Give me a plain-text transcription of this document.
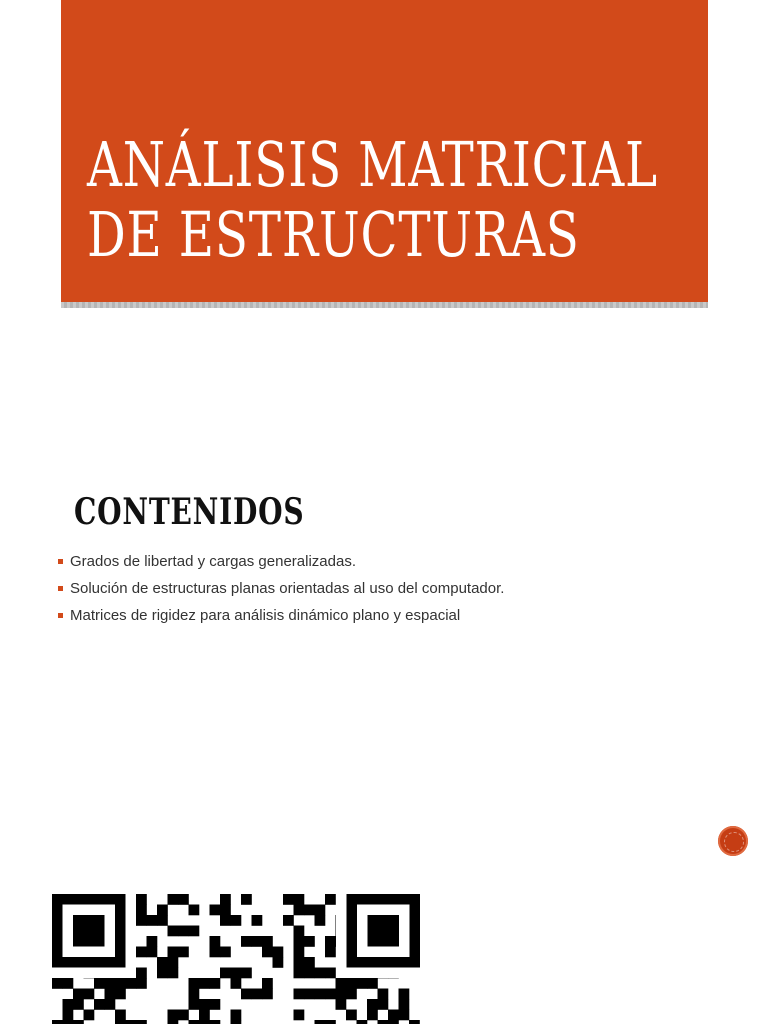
ANÁLISIS MATRICIAL
DE ESTRUCTURAS
CONTENIDOS
Grados de libertad y cargas generalizadas.
Solución de estructuras planas orientadas al uso del computador.
Matrices de rigidez para análisis dinámico plano y espacial
